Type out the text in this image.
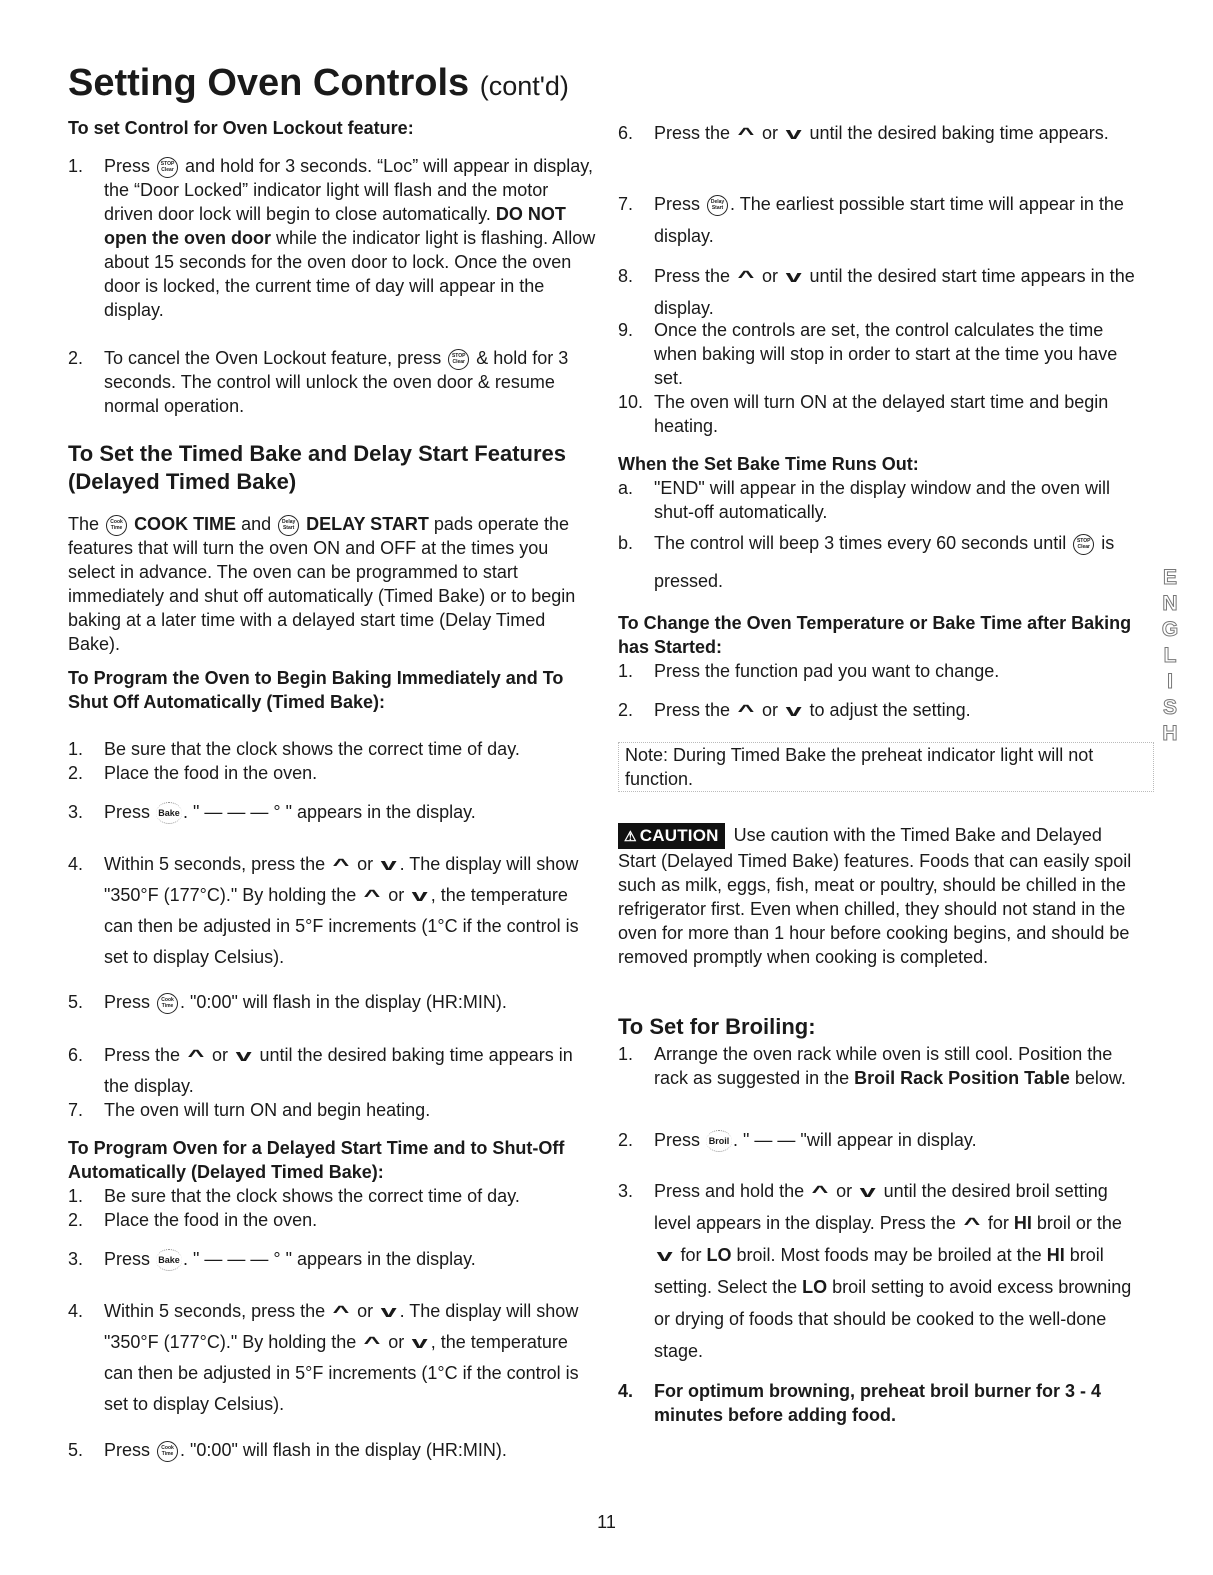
Setting Oven Controls (cont'd)
To set Control for Oven Lockout feature:
1. Press STOP
Clear and hold for 3 seconds. “Loc” will appear in display, the “Door Locked” indicator light will flash and the motor driven door lock will begin to close automatically. DO NOT open the oven door while the indicator light is flashing. Allow about 15 seconds for the oven door to lock. Once the oven door is locked, the current time of day will appear in the display.
2. To cancel the Oven Lockout feature, press STOP
Clear & hold for 3 seconds. The control will unlock the oven door & resume normal operation.
To Set the Timed Bake and Delay Start Features (Delayed Timed Bake)
The Cook
Time COOK TIME and Delay
Start DELAY START pads operate the features that will turn the oven ON and OFF at the times you select in advance. The oven can be programmed to start immediately and shut off automatically (Timed Bake) or to begin baking at a later time with a delayed start time (Delay Timed Bake).
To Program the Oven to Begin Baking Immediately and To Shut Off Automatically (Timed Bake):
1. Be sure that the clock shows the correct time of day.
2. Place the food in the oven.
3. Press Bake . " — — — ° " appears in the display.
4. Within 5 seconds, press the ^ or v . The display will show "350°F (177°C)." By holding the ^ or v , the temperature can then be adjusted in 5°F increments (1°C if the control is set to display Celsius).
5. Press Cook
Time . "0:00" will flash in the display (HR:MIN).
6. Press the ^ or v until the desired baking time appears in the display.
7. The oven will turn ON and begin heating.
To Program Oven for a Delayed Start Time and to Shut-Off Automatically (Delayed Timed Bake):
1. Be sure that the clock shows the correct time of day.
2. Place the food in the oven.
3. Press Bake . " — — — ° " appears in the display.
4. Within 5 seconds, press the ^ or v . The display will show "350°F (177°C)." By holding the ^ or v , the temperature can then be adjusted in 5°F increments (1°C if the control is set to display Celsius).
5. Press Cook
Time . "0:00" will flash in the display (HR:MIN).
6. Press the ^ or v until the desired baking time appears.
7. Press Delay
Start . The earliest possible start time will appear in the display.
8. Press the ^ or v until the desired start time appears in the display.
9. Once the controls are set, the control calculates the time when baking will stop in order to start at the time you have set.
10. The oven will turn ON at the delayed start time and begin heating.
When the Set Bake Time Runs Out:
a. "END" will appear in the display window and the oven will shut-off automatically.
b. The control will beep 3 times every 60 seconds until STOP
Clear is pressed.
To Change the Oven Temperature or Bake Time after Baking has Started:
1. Press the function pad you want to change.
2. Press the ^ or v to adjust the setting.
Note: During Timed Bake the preheat indicator light will not function.
⚠ CAUTION Use caution with the Timed Bake and Delayed Start (Delayed Timed Bake) features. Foods that can easily spoil such as milk, eggs, fish, meat or poultry, should be chilled in the refrigerator first. Even when chilled, they should not stand in the oven for more than 1 hour before cooking begins, and should be removed promptly when cooking is completed.
To Set for Broiling:
1. Arrange the oven rack while oven is still cool. Position the rack as suggested in the Broil Rack Position Table below.
2. Press Broil . " — — "will appear in display.
3. Press and hold the ^ or v until the desired broil setting level appears in the display. Press the ^ for HI broil or the v for LO broil. Most foods may be broiled at the HI broil setting. Select the LO broil setting to avoid excess browning or drying of foods that should be cooked to the well-done stage.
4. For optimum browning, preheat broil burner for 3 - 4 minutes before adding food.
E
N
G
L
I
S
H
11
